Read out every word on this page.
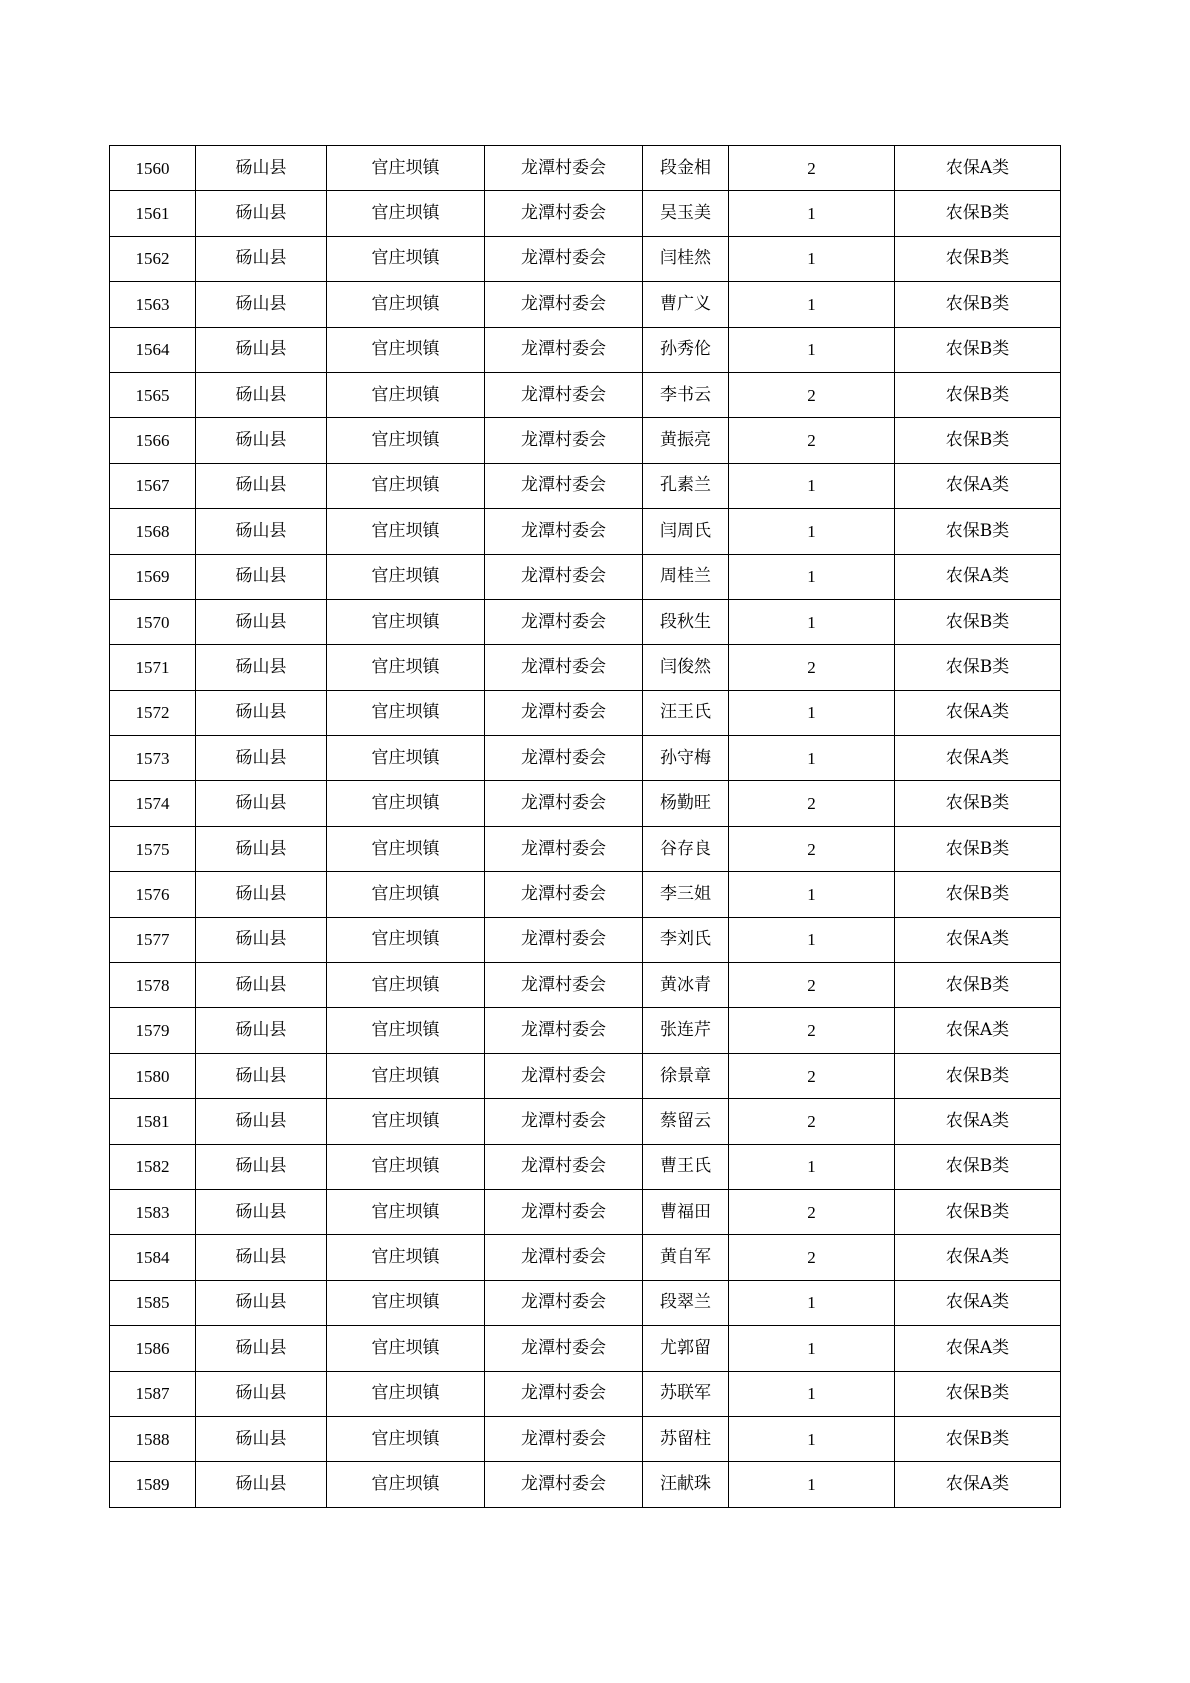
1560	砀山县	官庄坝镇	龙潭村委会	段金相	2	农保A类
1561	砀山县	官庄坝镇	龙潭村委会	吴玉美	1	农保B类
1562	砀山县	官庄坝镇	龙潭村委会	闫桂然	1	农保B类
1563	砀山县	官庄坝镇	龙潭村委会	曹广义	1	农保B类
1564	砀山县	官庄坝镇	龙潭村委会	孙秀伦	1	农保B类
1565	砀山县	官庄坝镇	龙潭村委会	李书云	2	农保B类
1566	砀山县	官庄坝镇	龙潭村委会	黄振亮	2	农保B类
1567	砀山县	官庄坝镇	龙潭村委会	孔素兰	1	农保A类
1568	砀山县	官庄坝镇	龙潭村委会	闫周氏	1	农保B类
1569	砀山县	官庄坝镇	龙潭村委会	周桂兰	1	农保A类
1570	砀山县	官庄坝镇	龙潭村委会	段秋生	1	农保B类
1571	砀山县	官庄坝镇	龙潭村委会	闫俊然	2	农保B类
1572	砀山县	官庄坝镇	龙潭村委会	汪王氏	1	农保A类
1573	砀山县	官庄坝镇	龙潭村委会	孙守梅	1	农保A类
1574	砀山县	官庄坝镇	龙潭村委会	杨勤旺	2	农保B类
1575	砀山县	官庄坝镇	龙潭村委会	谷存良	2	农保B类
1576	砀山县	官庄坝镇	龙潭村委会	李三姐	1	农保B类
1577	砀山县	官庄坝镇	龙潭村委会	李刘氏	1	农保A类
1578	砀山县	官庄坝镇	龙潭村委会	黄冰青	2	农保B类
1579	砀山县	官庄坝镇	龙潭村委会	张连芹	2	农保A类
1580	砀山县	官庄坝镇	龙潭村委会	徐景章	2	农保B类
1581	砀山县	官庄坝镇	龙潭村委会	蔡留云	2	农保A类
1582	砀山县	官庄坝镇	龙潭村委会	曹王氏	1	农保B类
1583	砀山县	官庄坝镇	龙潭村委会	曹福田	2	农保B类
1584	砀山县	官庄坝镇	龙潭村委会	黄自军	2	农保A类
1585	砀山县	官庄坝镇	龙潭村委会	段翠兰	1	农保A类
1586	砀山县	官庄坝镇	龙潭村委会	尤郭留	1	农保A类
1587	砀山县	官庄坝镇	龙潭村委会	苏联军	1	农保B类
1588	砀山县	官庄坝镇	龙潭村委会	苏留柱	1	农保B类
1589	砀山县	官庄坝镇	龙潭村委会	汪献珠	1	农保A类
